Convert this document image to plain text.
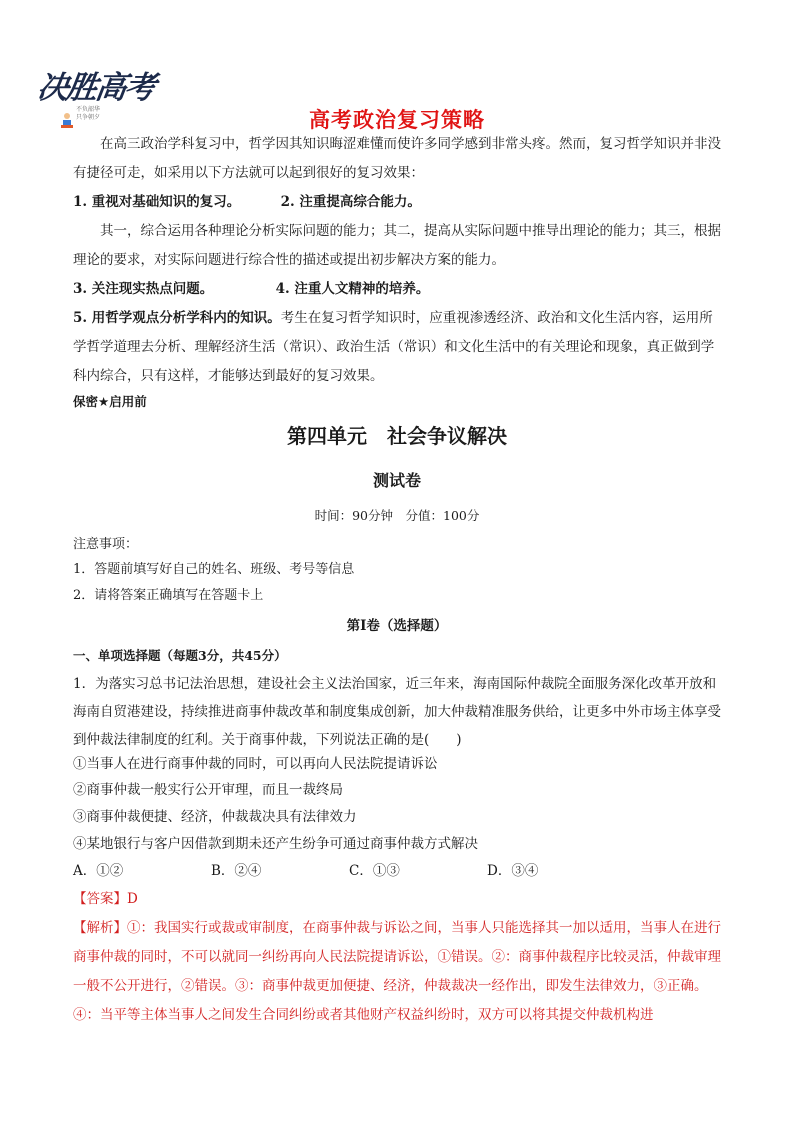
决胜高考
不负韶华
只争朝夕	高考政治复习策略

在高三政治学科复习中，哲学因其知识晦涩难懂而使许多同学感到非常头疼。然而，复习哲学知识并非没有捷径可走，如采用以下方法就可以起到很好的复习效果：

1. 重视对基础知识的复习。	2. 注重提高综合能力。

其一，综合运用各种理论分析实际问题的能力；其二，提高从实际问题中推导出理论的能力；其三，根据理论的要求，对实际问题进行综合性的描述或提出初步解决方案的能力。

3. 关注现实热点问题。	4. 注重人文精神的培养。

5. 用哲学观点分析学科内的知识。考生在复习哲学知识时，应重视渗透经济、政治和文化生活内容，运用所学哲学道理去分析、理解经济生活（常识）、政治生活（常识）和文化生活中的有关理论和现象，真正做到学科内综合，只有这样，才能够达到最好的复习效果。

保密★启用前
第四单元　社会争议解决
测试卷
时间：90分钟　分值：100分
注意事项：
1．答题前填写好自己的姓名、班级、考号等信息
2．请将答案正确填写在答题卡上
第I卷（选择题）
一、单项选择题（每题3分，共45分）

1．为落实习总书记法治思想，建设社会主义法治国家，近三年来，海南国际仲裁院全面服务深化改革开放和海南自贸港建设，持续推进商事仲裁改革和制度集成创新，加大仲裁精准服务供给，让更多中外市场主体享受到仲裁法律制度的红利。关于商事仲裁，下列说法正确的是(　　)

①当事人在进行商事仲裁的同时，可以再向人民法院提请诉讼
②商事仲裁一般实行公开审理，而且一裁终局
③商事仲裁便捷、经济，仲裁裁决具有法律效力
④某地银行与客户因借款到期未还产生纷争可通过商事仲裁方式解决
A．①②	B．②④	C．①③	D．③④
【答案】D

【解析】①：我国实行或裁或审制度，在商事仲裁与诉讼之间，当事人只能选择其一加以适用，当事人在进行商事仲裁的同时，不可以就同一纠纷再向人民法院提请诉讼，①错误。②：商事仲裁程序比较灵活，仲裁审理一般不公开进行，②错误。③：商事仲裁更加便捷、经济，仲裁裁决一经作出，即发生法律效力，③正确。④：当平等主体当事人之间发生合同纠纷或者其他财产权益纠纷时，双方可以将其提交仲裁机构进
